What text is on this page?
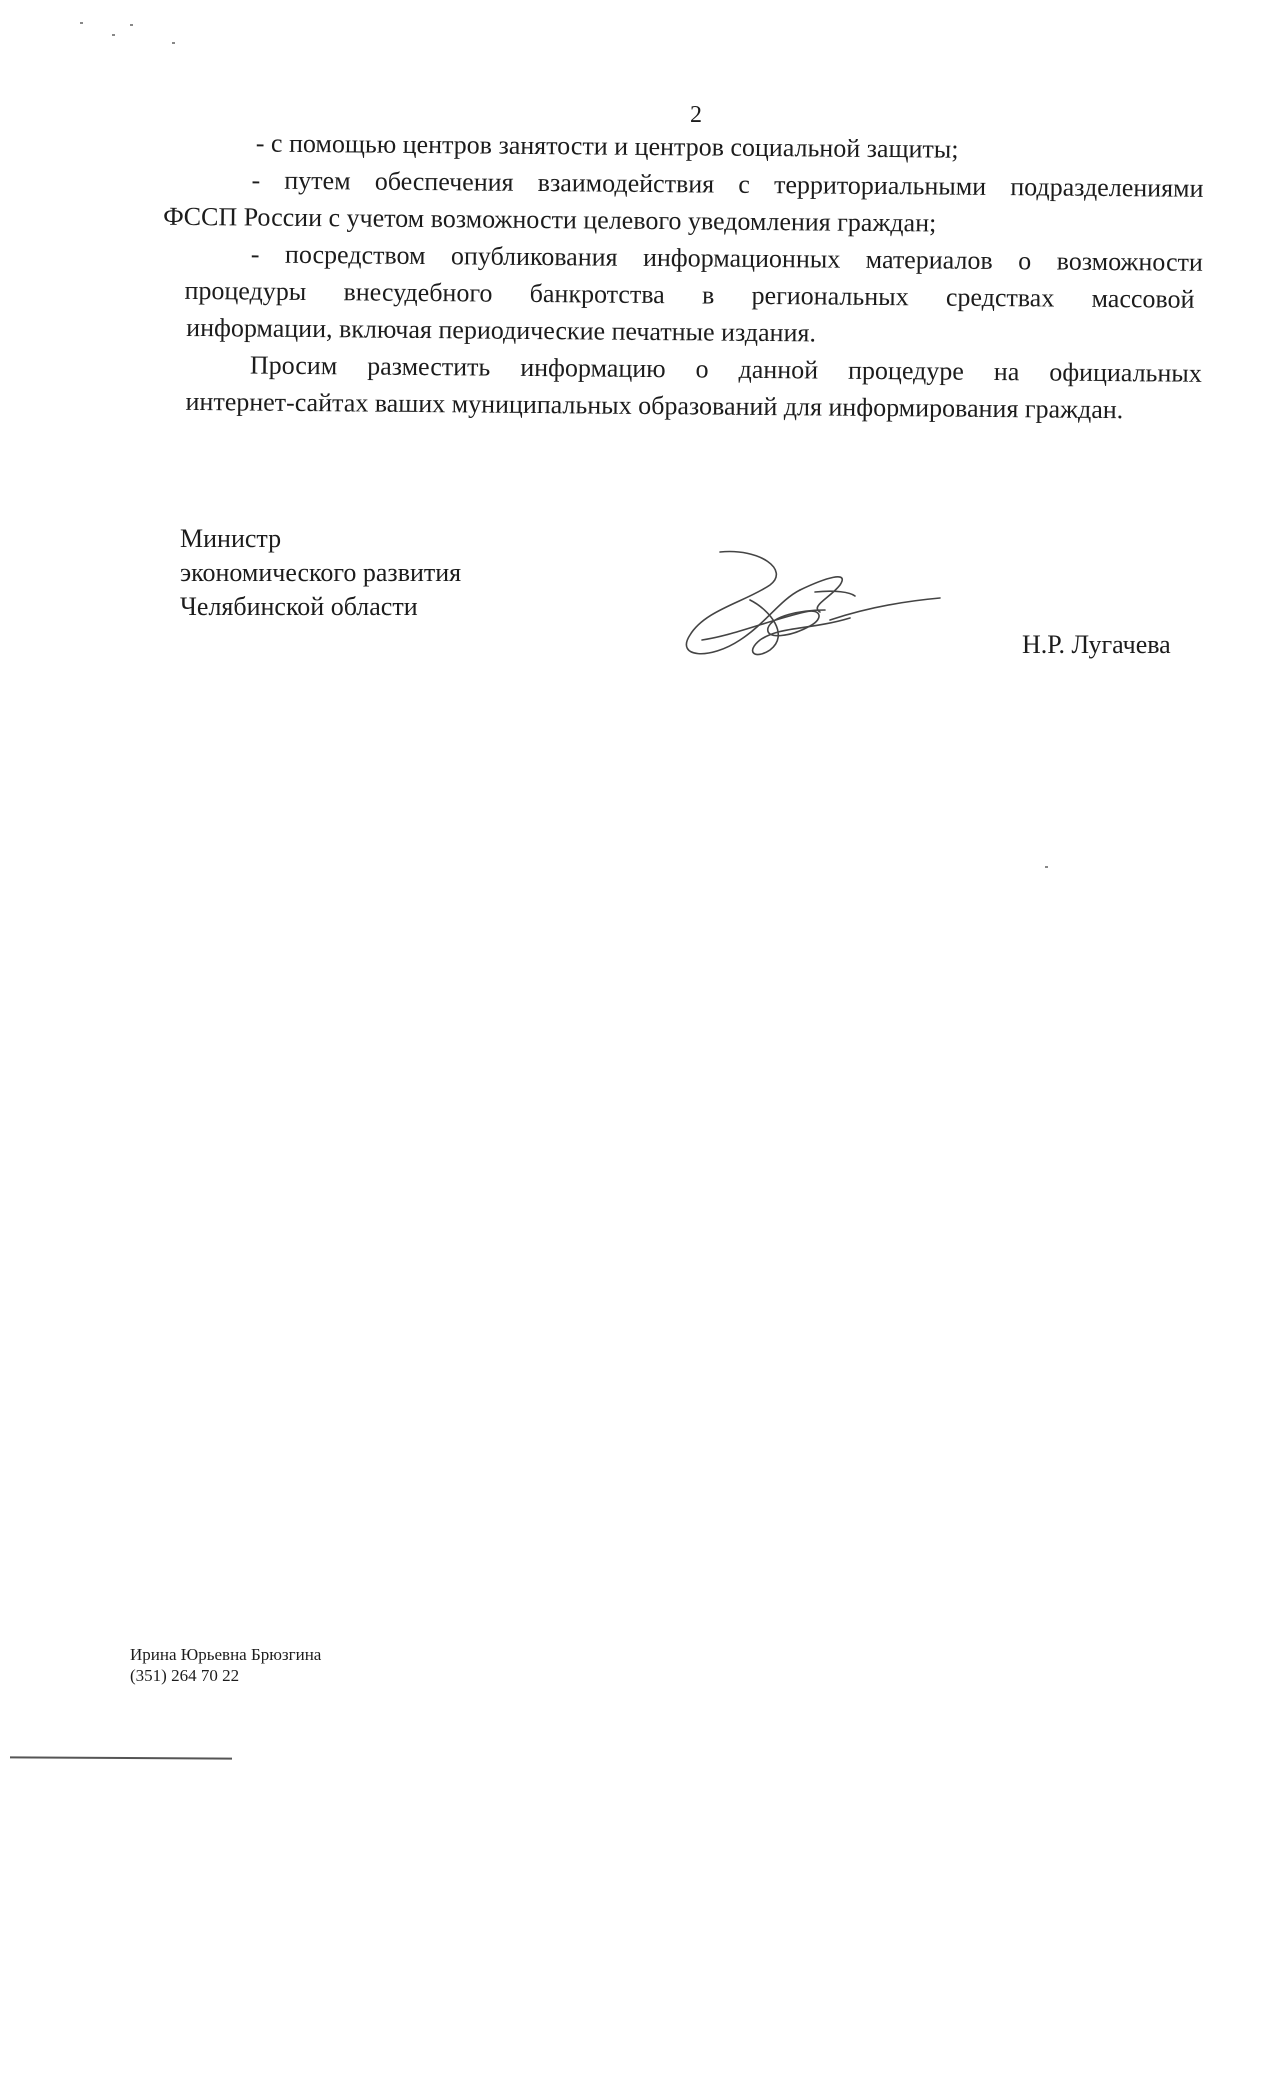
2
- с помощью центров занятости и центров социальной защиты;
- путем обеспечения взаимодействия с территориальными подразделениями
ФССП России с учетом возможности целевого уведомления граждан;
- посредством опубликования информационных материалов о возможности
процедуры внесудебного банкротства в региональных средствах массовой
информации, включая периодические печатные издания.
Просим разместить информацию о данной процедуре на официальных
интернет-сайтах ваших муниципальных образований для информирования граждан.
Министр
экономического развития
Челябинской области
Н.Р. Лугачева
Ирина Юрьевна Брюзгина
(351) 264 70 22
